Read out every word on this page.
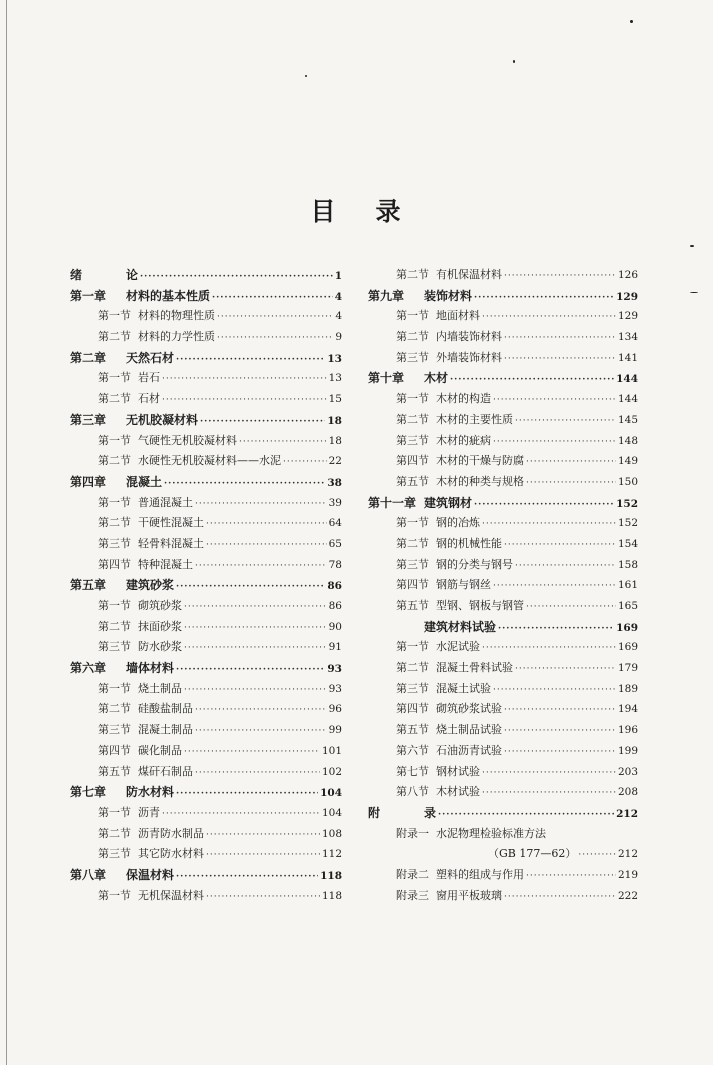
目 录
绪	论 ·····	1
第一章 材料的基本性质 ·····	4
第一节 材料的物理性质 ·····	4
第二节 材料的力学性质 ·····	9
第二章 天然石材 ·····	13
第一节 岩石 ·····	13
第二节 石材 ·····	15
第三章 无机胶凝材料 ·····	18
第一节 气硬性无机胶凝材料 ·····	18
第二节 水硬性无机胶凝材料——水泥 ·····	22
第四章 混凝土 ·····	38
第一节 普通混凝土 ·····	39
第二节 干硬性混凝土 ·····	64
第三节 轻骨料混凝土 ·····	65
第四节 特种混凝土 ·····	78
第五章 建筑砂浆 ·····	86
第一节 砌筑砂浆 ·····	86
第二节 抹面砂浆 ·····	90
第三节 防水砂浆 ·····	91
第六章 墙体材料 ·····	93
第一节 烧土制品 ·····	93
第二节 硅酸盐制品 ·····	96
第三节 混凝土制品 ·····	99
第四节 碳化制品 ·····	101
第五节 煤矸石制品 ·····	102
第七章 防水材料 ·····	104
第一节 沥青 ·····	104
第二节 沥青防水制品 ·····	108
第三节 其它防水材料 ·····	112
第八章 保温材料 ·····	118
第一节 无机保温材料 ·····	118
第二节 有机保温材料 ·····	126
第九章 装饰材料 ·····	129
第一节 地面材料 ·····	129
第二节 内墙装饰材料 ·····	134
第三节 外墙装饰材料 ·····	141
第十章 木材 ·····	144
第一节 木材的构造 ·····	144
第二节 木材的主要性质 ·····	145
第三节 木材的疵病 ·····	148
第四节 木材的干燥与防腐 ·····	149
第五节 木材的种类与规格 ·····	150
第十一章 建筑钢材 ·····	152
第一节 钢的冶炼 ·····	152
第二节 钢的机械性能 ·····	154
第三节 钢的分类与钢号 ·····	158
第四节 钢筋与钢丝 ·····	161
第五节 型钢、钢板与钢管 ·····	165
建筑材料试验 ·····	169
第一节 水泥试验 ·····	169
第二节 混凝土骨料试验 ·····	179
第三节 混凝土试验 ·····	189
第四节 砌筑砂浆试验 ·····	194
第五节 烧土制品试验 ·····	196
第六节 石油沥青试验 ·····	199
第七节 钢材试验 ·····	203
第八节 木材试验 ·····	208
附	录 ·····	212
附录一 水泥物理检验标准方法
（GB 177—62） ·····	212
附录二 塑料的组成与作用 ·····	219
附录三 窗用平板玻璃 ·····	222
